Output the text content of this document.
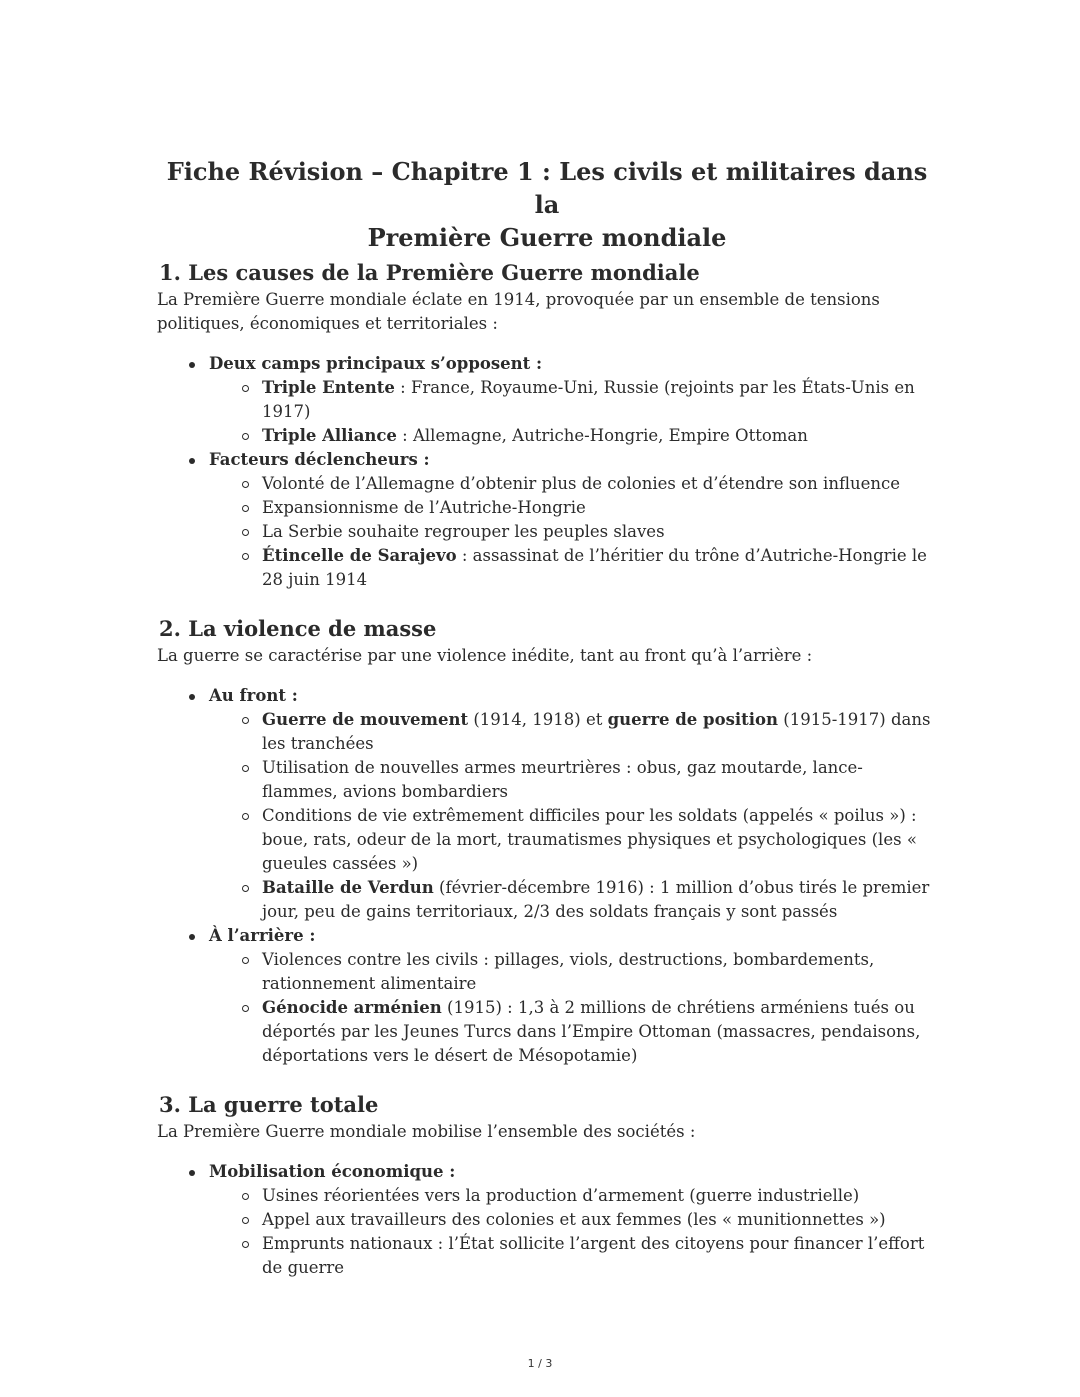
Fiche Révision – Chapitre 1 : Les civils et militaires dans la
Première Guerre mondiale
1. Les causes de la Première Guerre mondiale

La Première Guerre mondiale éclate en 1914, provoquée par un ensemble de tensions politiques, économiques et territoriales :

Deux camps principaux s’opposent :
Triple Entente : France, Royaume-Uni, Russie (rejoints par les États-Unis en 1917)
Triple Alliance : Allemagne, Autriche-Hongrie, Empire Ottoman
Facteurs déclencheurs :
Volonté de l’Allemagne d’obtenir plus de colonies et d’étendre son influence
Expansionnisme de l’Autriche-Hongrie
La Serbie souhaite regrouper les peuples slaves
Étincelle de Sarajevo : assassinat de l’héritier du trône d’Autriche-Hongrie le 28 juin 1914
2. La violence de masse

La guerre se caractérise par une violence inédite, tant au front qu’à l’arrière :

Au front :
Guerre de mouvement (1914, 1918) et guerre de position (1915-1917) dans les tranchées
Utilisation de nouvelles armes meurtrières : obus, gaz moutarde, lance-flammes, avions bombardiers
Conditions de vie extrêmement difficiles pour les soldats (appelés « poilus ») : boue, rats, odeur de la mort, traumatismes physiques et psychologiques (les « gueules cassées »)
Bataille de Verdun (février-décembre 1916) : 1 million d’obus tirés le premier jour, peu de gains territoriaux, 2/3 des soldats français y sont passés
À l’arrière :
Violences contre les civils : pillages, viols, destructions, bombardements, rationnement alimentaire
Génocide arménien (1915) : 1,3 à 2 millions de chrétiens arméniens tués ou déportés par les Jeunes Turcs dans l’Empire Ottoman (massacres, pendaisons, déportations vers le désert de Mésopotamie)
3. La guerre totale

La Première Guerre mondiale mobilise l’ensemble des sociétés :

Mobilisation économique :
Usines réorientées vers la production d’armement (guerre industrielle)
Appel aux travailleurs des colonies et aux femmes (les « munitionnettes »)
Emprunts nationaux : l’État sollicite l’argent des citoyens pour financer l’effort de guerre
1 / 3
